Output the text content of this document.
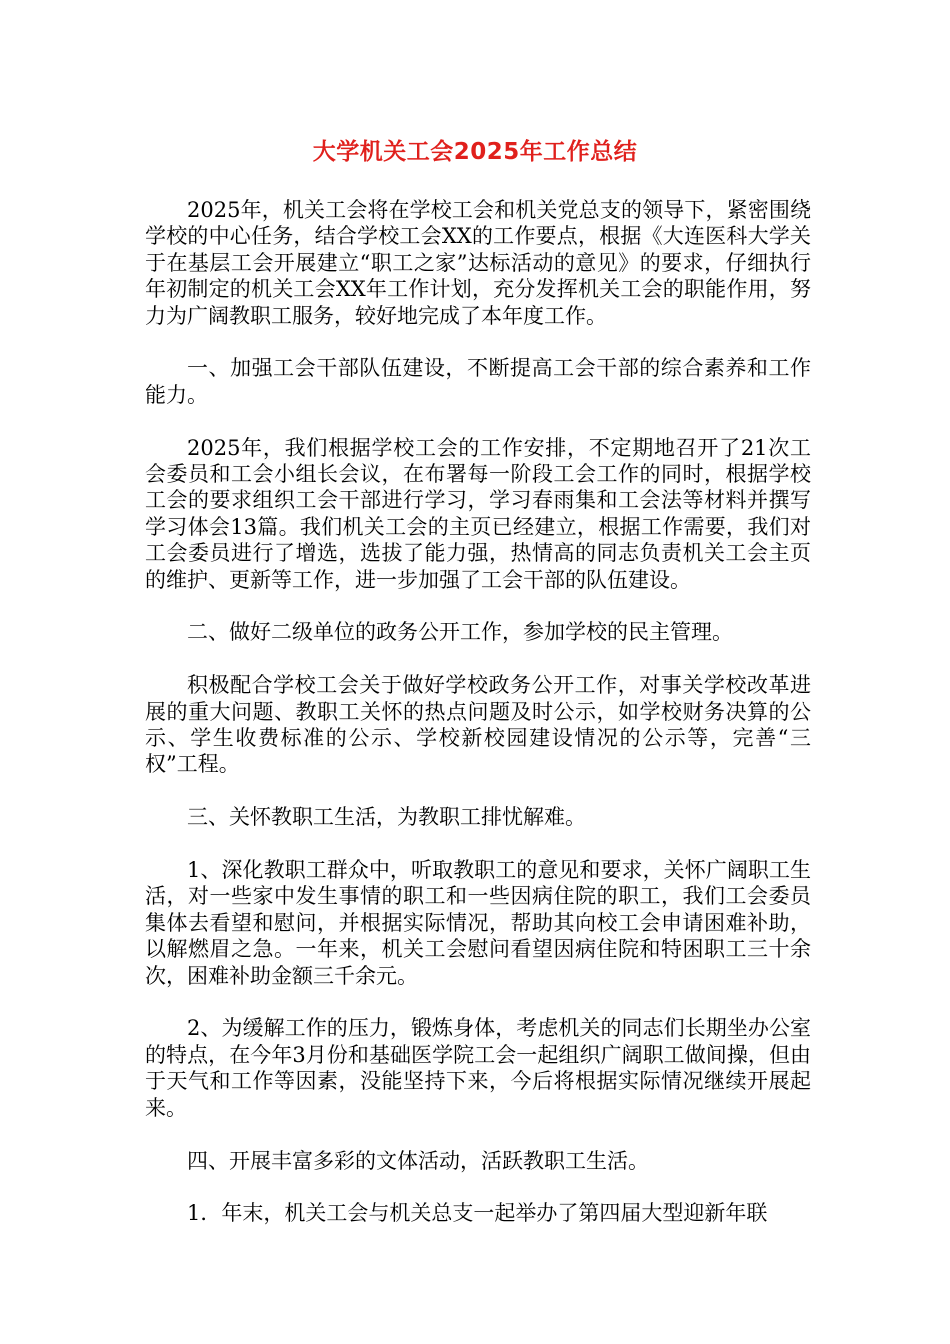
大学机关工会2025年工作总结

2025年，机关工会将在学校工会和机关党总支的领导下，紧密围绕学校的中心任务，结合学校工会XX的工作要点，根据《大连医科大学关于在基层工会开展建立“职工之家”达标活动的意见》的要求，仔细执行年初制定的机关工会XX年工作计划，充分发挥机关工会的职能作用，努力为广阔教职工服务，较好地完成了本年度工作。

一、加强工会干部队伍建设，不断提高工会干部的综合素养和工作能力。

2025年，我们根据学校工会的工作安排，不定期地召开了21次工会委员和工会小组长会议，在布署每一阶段工会工作的同时，根据学校工会的要求组织工会干部进行学习，学习春雨集和工会法等材料并撰写学习体会13篇。我们机关工会的主页已经建立，根据工作需要，我们对工会委员进行了增选，选拔了能力强，热情高的同志负责机关工会主页的维护、更新等工作，进一步加强了工会干部的队伍建设。

二、做好二级单位的政务公开工作，参加学校的民主管理。

积极配合学校工会关于做好学校政务公开工作，对事关学校改革进展的重大问题、教职工关怀的热点问题及时公示，如学校财务决算的公示、学生收费标准的公示、学校新校园建设情况的公示等，完善“三权”工程。

三、关怀教职工生活，为教职工排忧解难。

1、深化教职工群众中，听取教职工的意见和要求，关怀广阔职工生活，对一些家中发生事情的职工和一些因病住院的职工，我们工会委员集体去看望和慰问，并根据实际情况，帮助其向校工会申请困难补助，以解燃眉之急。一年来，机关工会慰问看望因病住院和特困职工三十余次，困难补助金额三千余元。

2、为缓解工作的压力，锻炼身体，考虑机关的同志们长期坐办公室的特点，在今年3月份和基础医学院工会一起组织广阔职工做间操，但由于天气和工作等因素，没能坚持下来，今后将根据实际情况继续开展起来。

四、开展丰富多彩的文体活动，活跃教职工生活。

1．年末，机关工会与机关总支一起举办了第四届大型迎新年联
